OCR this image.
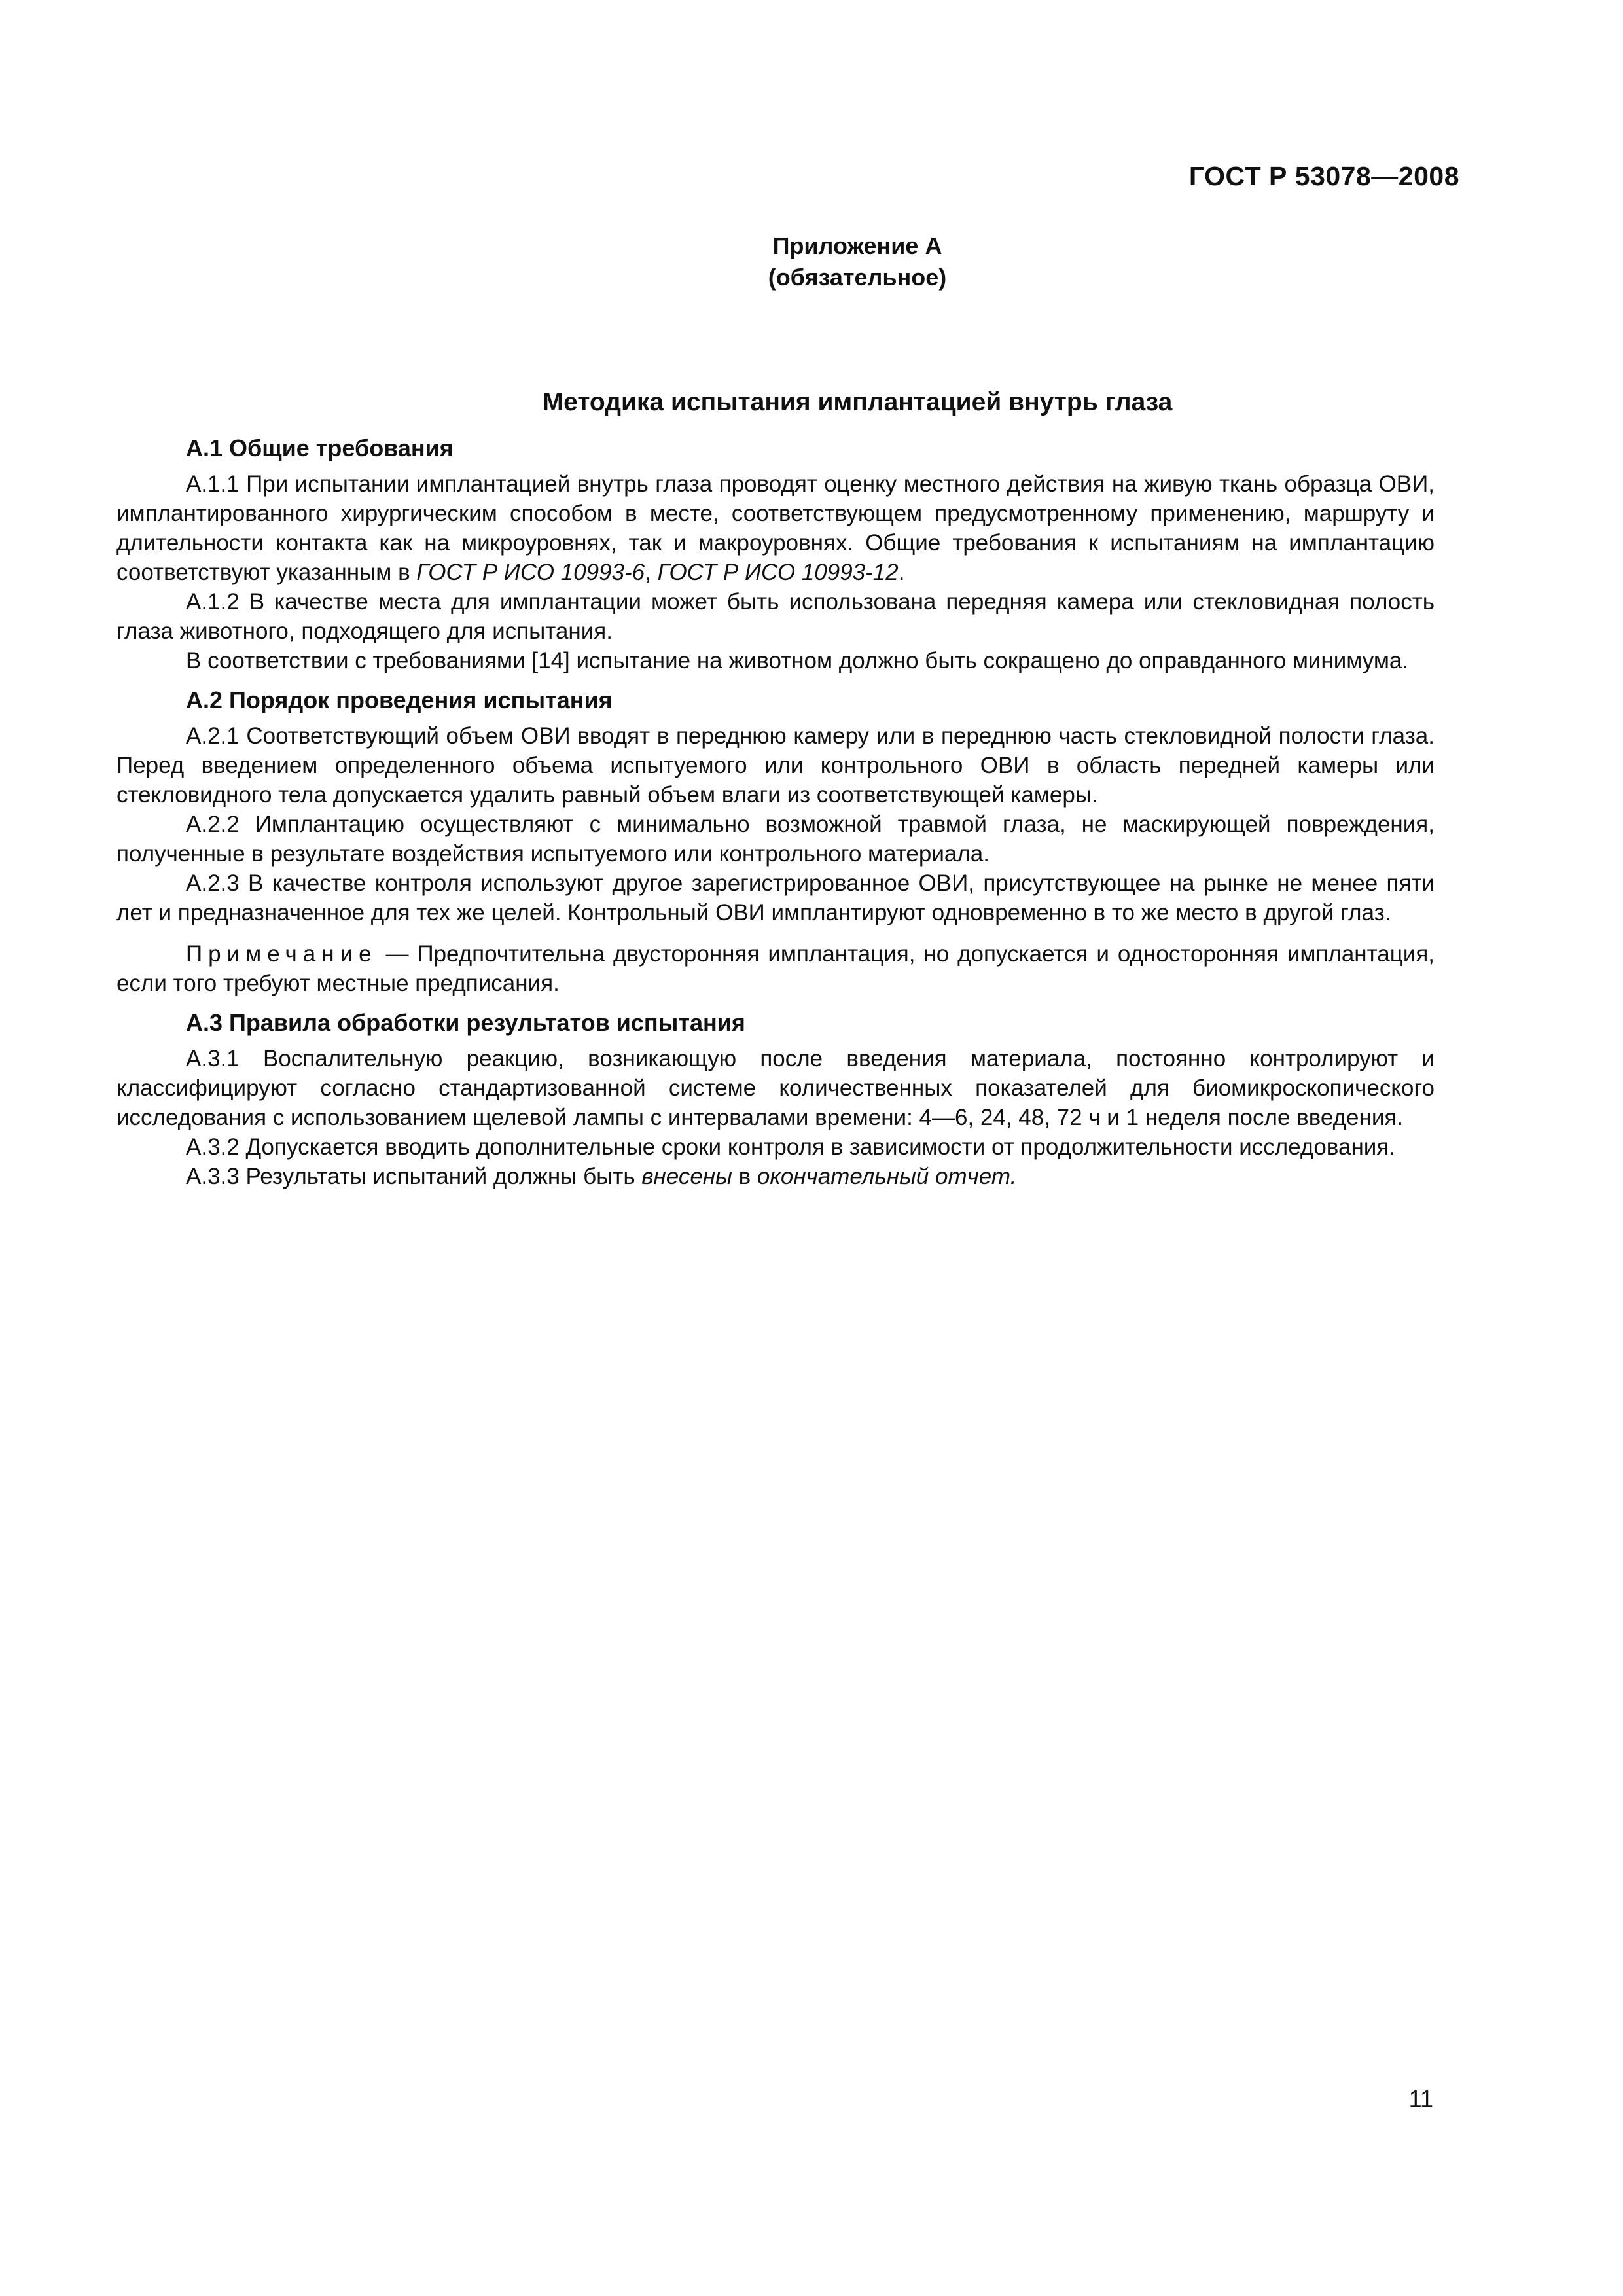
ГОСТ Р 53078—2008
Приложение А
(обязательное)
Методика испытания имплантацией внутрь глаза
А.1 Общие требования

А.1.1 При испытании имплантацией внутрь глаза проводят оценку местного действия на живую ткань образца ОВИ, имплантированного хирургическим способом в месте, соответствующем предусмотренному применению, маршруту и длительности контакта как на микроуровнях, так и макроуровнях. Общие требования к испытаниям на имплантацию соответствуют указанным в ГОСТ Р ИСО 10993-6, ГОСТ Р ИСО 10993-12.

А.1.2 В качестве места для имплантации может быть использована передняя камера или стекловидная полость глаза животного, подходящего для испытания.

В соответствии с требованиями [14] испытание на животном должно быть сокращено до оправданного минимума.

А.2 Порядок проведения испытания

А.2.1 Соответствующий объем ОВИ вводят в переднюю камеру или в переднюю часть стекловидной полости глаза. Перед введением определенного объема испытуемого или контрольного ОВИ в область передней камеры или стекловидного тела допускается удалить равный объем влаги из соответствующей камеры.

А.2.2 Имплантацию осуществляют с минимально возможной травмой глаза, не маскирующей повреждения, полученные в результате воздействия испытуемого или контрольного материала.

А.2.3 В качестве контроля используют другое зарегистрированное ОВИ, присутствующее на рынке не менее пяти лет и предназначенное для тех же целей. Контрольный ОВИ имплантируют одновременно в то же место в другой глаз.

Примечание — Предпочтительна двусторонняя имплантация, но допускается и односторонняя имплантация, если того требуют местные предписания.

А.3 Правила обработки результатов испытания

А.3.1 Воспалительную реакцию, возникающую после введения материала, постоянно контролируют и классифицируют согласно стандартизованной системе количественных показателей для биомикроскопического исследования с использованием щелевой лампы с интервалами времени: 4—6, 24, 48, 72 ч и 1 неделя после введения.

А.3.2 Допускается вводить дополнительные сроки контроля в зависимости от продолжительности исследования.

А.3.3 Результаты испытаний должны быть внесены в окончательный отчет.

11
